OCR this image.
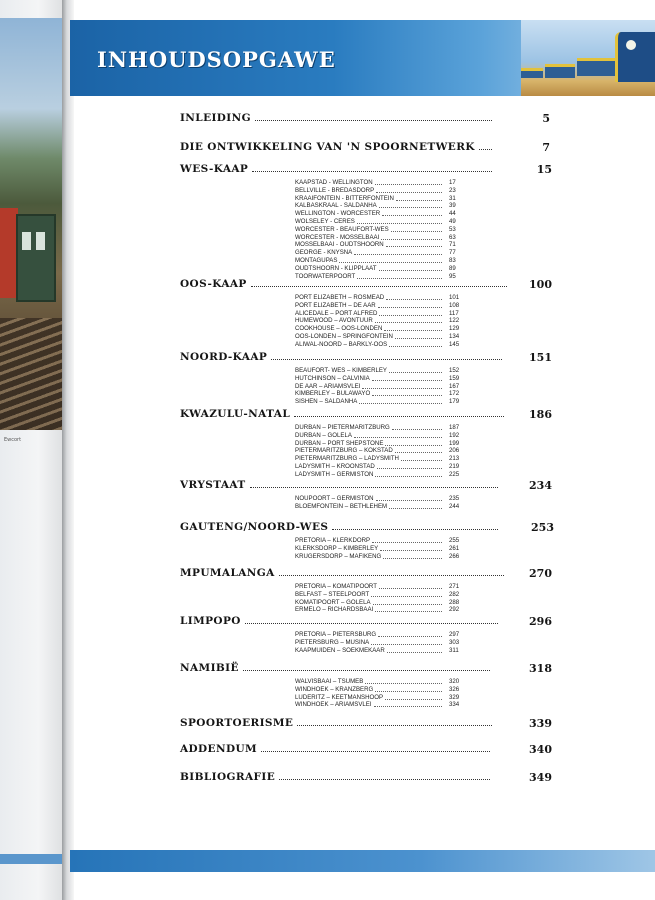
Ewcort
INHOUDSOPGAWE
INLEIDING	5
DIE ONTWIKKELING VAN 'N SPOORNETWERK	7
WES-KAAP	15
KAAPSTAD - WELLINGTON	17
BELLVILLE - BREDASDORP	23
KRAAIFONTEIN - BITTERFONTEIN	31
KALBASKRAAL - SALDANHA	39
WELLINGTON - WORCESTER	44
WOLSELEY - CERES	49
WORCESTER - BEAUFORT-WES	53
WORCESTER - MOSSELBAAI	63
MOSSELBAAI - OUDTSHOORN	71
GEORGE - KNYSNA	77
MONTAGUPAS	83
OUDTSHOORN - KLIPPLAAT	89
TOORWATERPOORT	95
OOS-KAAP	100
PORT ELIZABETH – ROSMEAD	101
PORT ELIZABETH – DE AAR	108
ALICEDALE – PORT ALFRED	117
HUMEWOOD – AVONTUUR	122
COOKHOUSE – OOS-LONDEN	129
OOS-LONDEN – SPRINGFONTEIN	134
ALIWAL-NOORD – BARKLY-OOS	145
NOORD-KAAP	151
BEAUFORT- WES – KIMBERLEY	152
HUTCHINSON – CALVINIA	159
DE AAR – ARIAMSVLEI	167
KIMBERLEY – BULAWAYO	172
SISHEN – SALDANHA	179
KWAZULU-NATAL	186
DURBAN – PIETERMARITZBURG	187
DURBAN – GOLELA	192
DURBAN – PORT SHEPSTONE	199
PIETERMARITZBURG – KOKSTAD	206
PIETERMARITZBURG – LADYSMITH	213
LADYSMITH – KROONSTAD	219
LADYSMITH – GERMISTON	225
VRYSTAAT	234
NOUPOORT – GERMISTON	235
BLOEMFONTEIN – BETHLEHEM	244
GAUTENG/NOORD-WES	253
PRETORIA – KLERKDORP	255
KLERKSDORP – KIMBERLEY	261
KRUGERSDORP – MAFIKENG	266
MPUMALANGA	270
PRETORIA – KOMATIPOORT	271
BELFAST – STEELPOORT	282
KOMATIPOORT – GOLELA	288
ERMELO – RICHARDSBAAI	292
LIMPOPO	296
PRETORIA – PIETERSBURG	297
PIETERSBURG – MUSINA	303
KAAPMUIDEN – SOEKMEKAAR	311
NAMIBIË	318
WALVISBAAI – TSUMEB	320
WINDHOEK – KRANZBERG	326
LUDERITZ – KEETMANSHOOP	329
WINDHOEK – ARIAMSVLEI	334
SPOORTOERISME	339
ADDENDUM	340
BIBLIOGRAFIE	349
